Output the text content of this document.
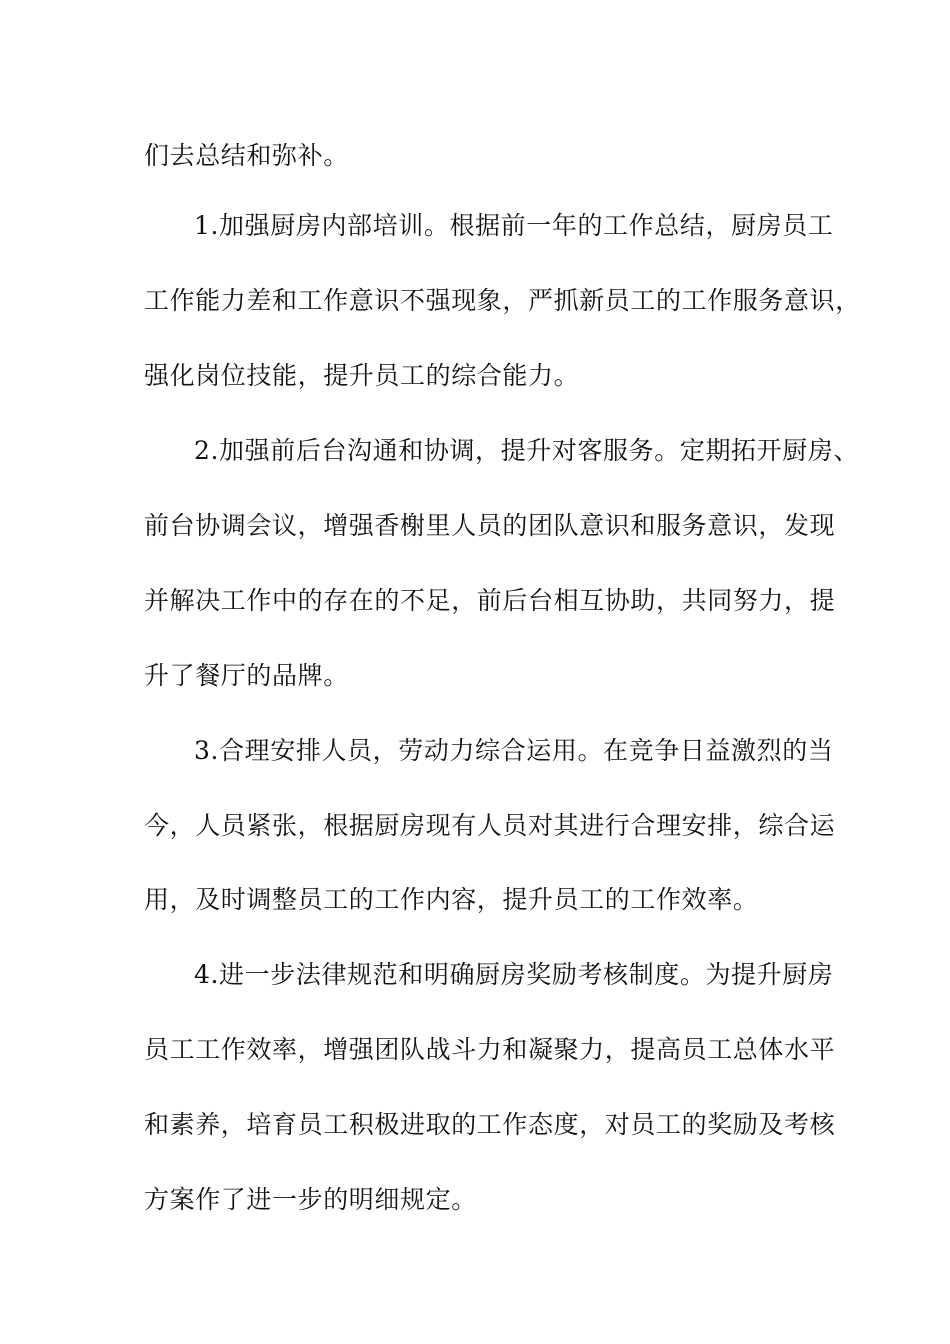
们去总结和弥补。
1.加强厨房内部培训。根据前一年的工作总结，厨房员工
工作能力差和工作意识不强现象，严抓新员工的工作服务意识，
强化岗位技能，提升员工的综合能力。
2.加强前后台沟通和协调，提升对客服务。定期拓开厨房、
前台协调会议，增强香榭里人员的团队意识和服务意识，发现
并解决工作中的存在的不足，前后台相互协助，共同努力，提
升了餐厅的品牌。
3.合理安排人员，劳动力综合运用。在竞争日益激烈的当
今，人员紧张，根据厨房现有人员对其进行合理安排，综合运
用，及时调整员工的工作内容，提升员工的工作效率。
4.进一步法律规范和明确厨房奖励考核制度。为提升厨房
员工工作效率，增强团队战斗力和凝聚力，提高员工总体水平
和素养，培育员工积极进取的工作态度，对员工的奖励及考核
方案作了进一步的明细规定。
